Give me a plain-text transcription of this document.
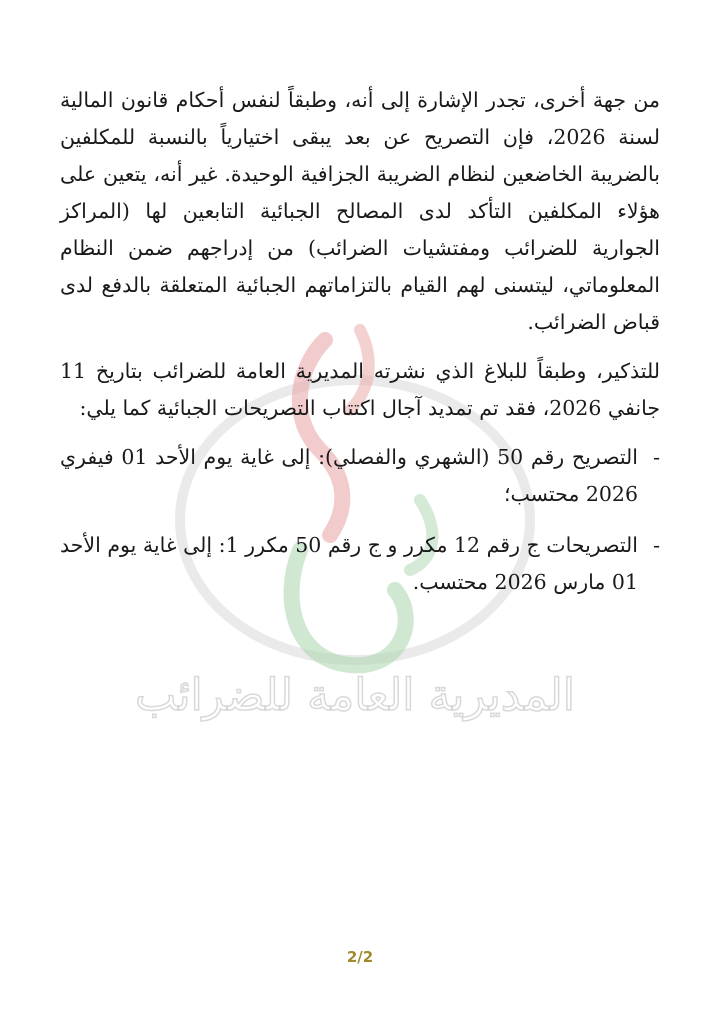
المديرية العامة للضرائب

من جهة أخرى، تجدر الإشارة إلى أنه، وطبقاً لنفس أحكام قانون المالية لسنة 2026، فإن التصريح عن بعد يبقى اختيارياً بالنسبة للمكلفين بالضريبة الخاضعين لنظام الضريبة الجزافية الوحيدة. غير أنه، يتعين على هؤلاء المكلفين التأكد لدى المصالح الجبائية التابعين لها (المراكز الجوارية للضرائب ومفتشيات الضرائب) من إدراجهم ضمن النظام المعلوماتي، ليتسنى لهم القيام بالتزاماتهم الجبائية المتعلقة بالدفع لدى قباض الضرائب.

للتذكير، وطبقاً للبلاغ الذي نشرته المديرية العامة للضرائب بتاريخ 11 جانفي 2026، فقد تم تمديد آجال اكتتاب التصريحات الجبائية كما يلي:

-
التصريح رقم 50 (الشهري والفصلي): إلى غاية يوم الأحد 01 فيفري 2026 محتسب؛
-
التصريحات ج رقم 12 مكرر و ج رقم 50 مكرر 1: إلى غاية يوم الأحد 01 مارس 2026 محتسب.
2/2
